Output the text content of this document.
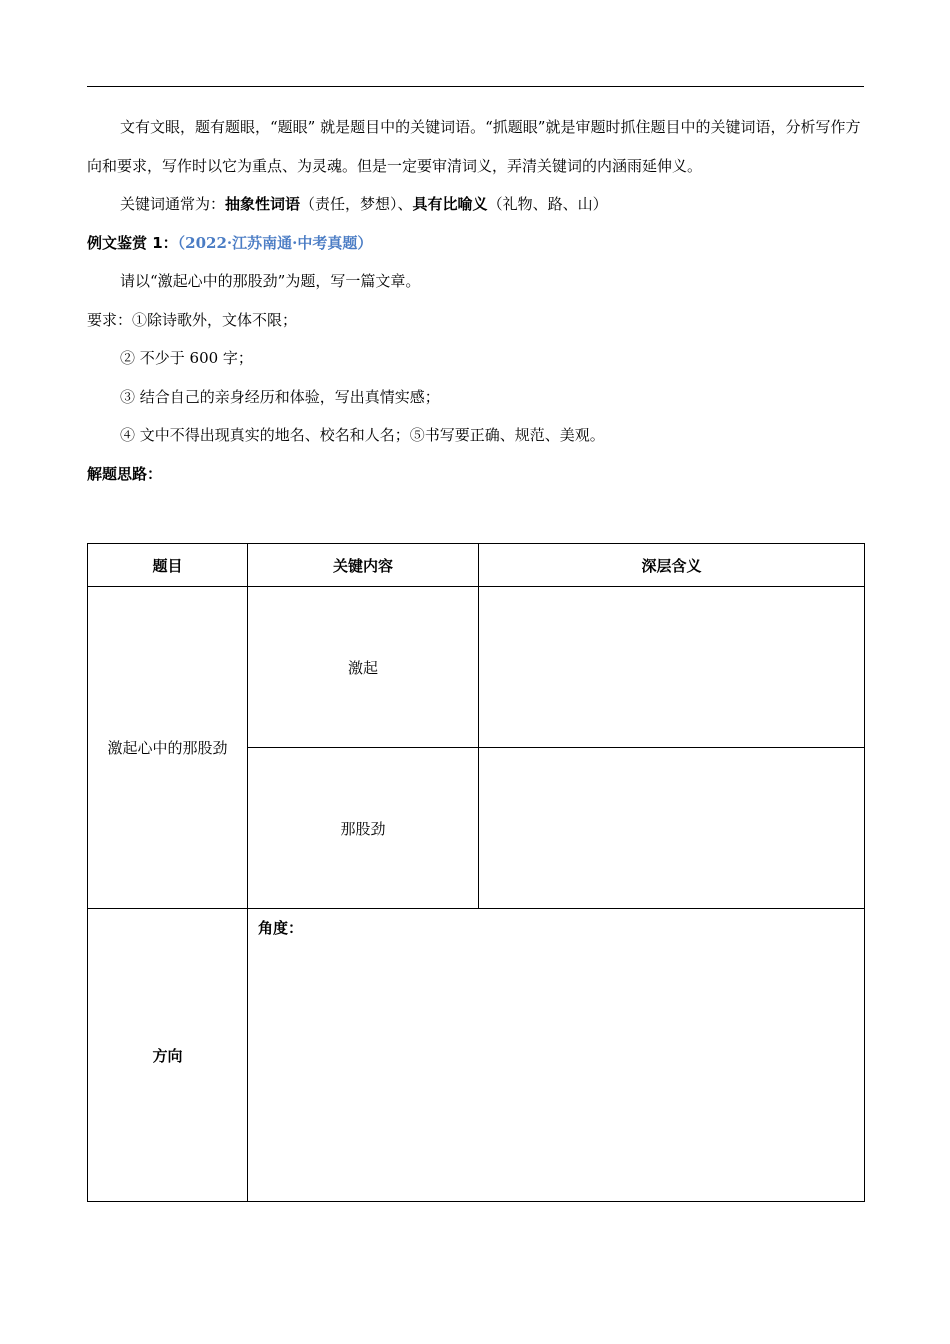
文有文眼，题有题眼，“题眼” 就是题目中的关键词语。“抓题眼”就是审题时抓住题目中的关键词语，分析写作方向和要求，写作时以它为重点、为灵魂。但是一定要审清词义，弄清关键词的内涵雨延伸义。

关键词通常为：抽象性词语（责任，梦想）、具有比喻义（礼物、路、山）

例文鉴赏 1：（2022·江苏南通·中考真题）

请以“激起心中的那股劲”为题，写一篇文章。

要求：①除诗歌外，文体不限；

② 不少于 600 字；

③ 结合自己的亲身经历和体验，写出真情实感；

④ 文中不得出现真实的地名、校名和人名；⑤书写要正确、规范、美观。

解题思路：

题目	关键内容	深层含义
激起心中的那股劲	激起	
	那股劲	
方向	角度：	
